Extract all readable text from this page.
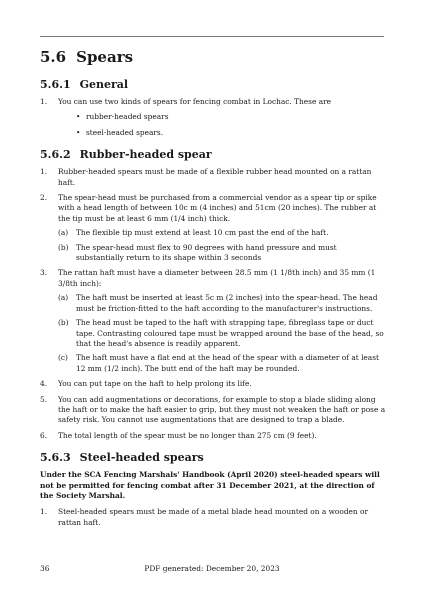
5.6 Spears
5.6.1 General
1. You can use two kinds of spears for fencing combat in Lochac. These are
• rubber-headed spears
• steel-headed spears.
5.6.2 Rubber-headed spear
1. Rubber-headed spears must be made of a flexible rubber head mounted on a rattan haft.
2. The spear-head must be purchased from a commercial vendor as a spear tip or spike with a head length of between 10c m (4 inches) and 51cm (20 inches). The rubber at the tip must be at least 6 mm (1/4 inch) thick.
(a) The flexible tip must extend at least 10 cm past the end of the haft.
(b) The spear-head must flex to 90 degrees with hand pressure and must substantially return to its shape within 3 seconds
3. The rattan haft must have a diameter between 28.5 mm (1 1/8th inch) and 35 mm (1 3/8th inch):
(a) The haft must be inserted at least 5c m (2 inches) into the spear-head. The head must be friction-fitted to the haft according to the manufacturer's instructions.
(b) The head must be taped to the haft with strapping tape, fibreglass tape or duct tape. Contrasting coloured tape must be wrapped around the base of the head, so that the head's absence is readily apparent.
(c) The haft must have a flat end at the head of the spear with a diameter of at least 12 mm (1/2 inch). The butt end of the haft may be rounded.
4. You can put tape on the haft to help prolong its life.
5. You can add augmentations or decorations, for example to stop a blade sliding along the haft or to make the haft easier to grip, but they must not weaken the haft or pose a safety risk. You cannot use augmentations that are designed to trap a blade.
6. The total length of the spear must be no longer than 275 cm (9 feet).
5.6.3 Steel-headed spears
Under the SCA Fencing Marshals' Handbook (April 2020) steel-headed spears will not be permitted for fencing combat after 31 December 2021, at the direction of the Society Marshal.
1. Steel-headed spears must be made of a metal blade head mounted on a wooden or rattan haft.
36	PDF generated: December 20, 2023
